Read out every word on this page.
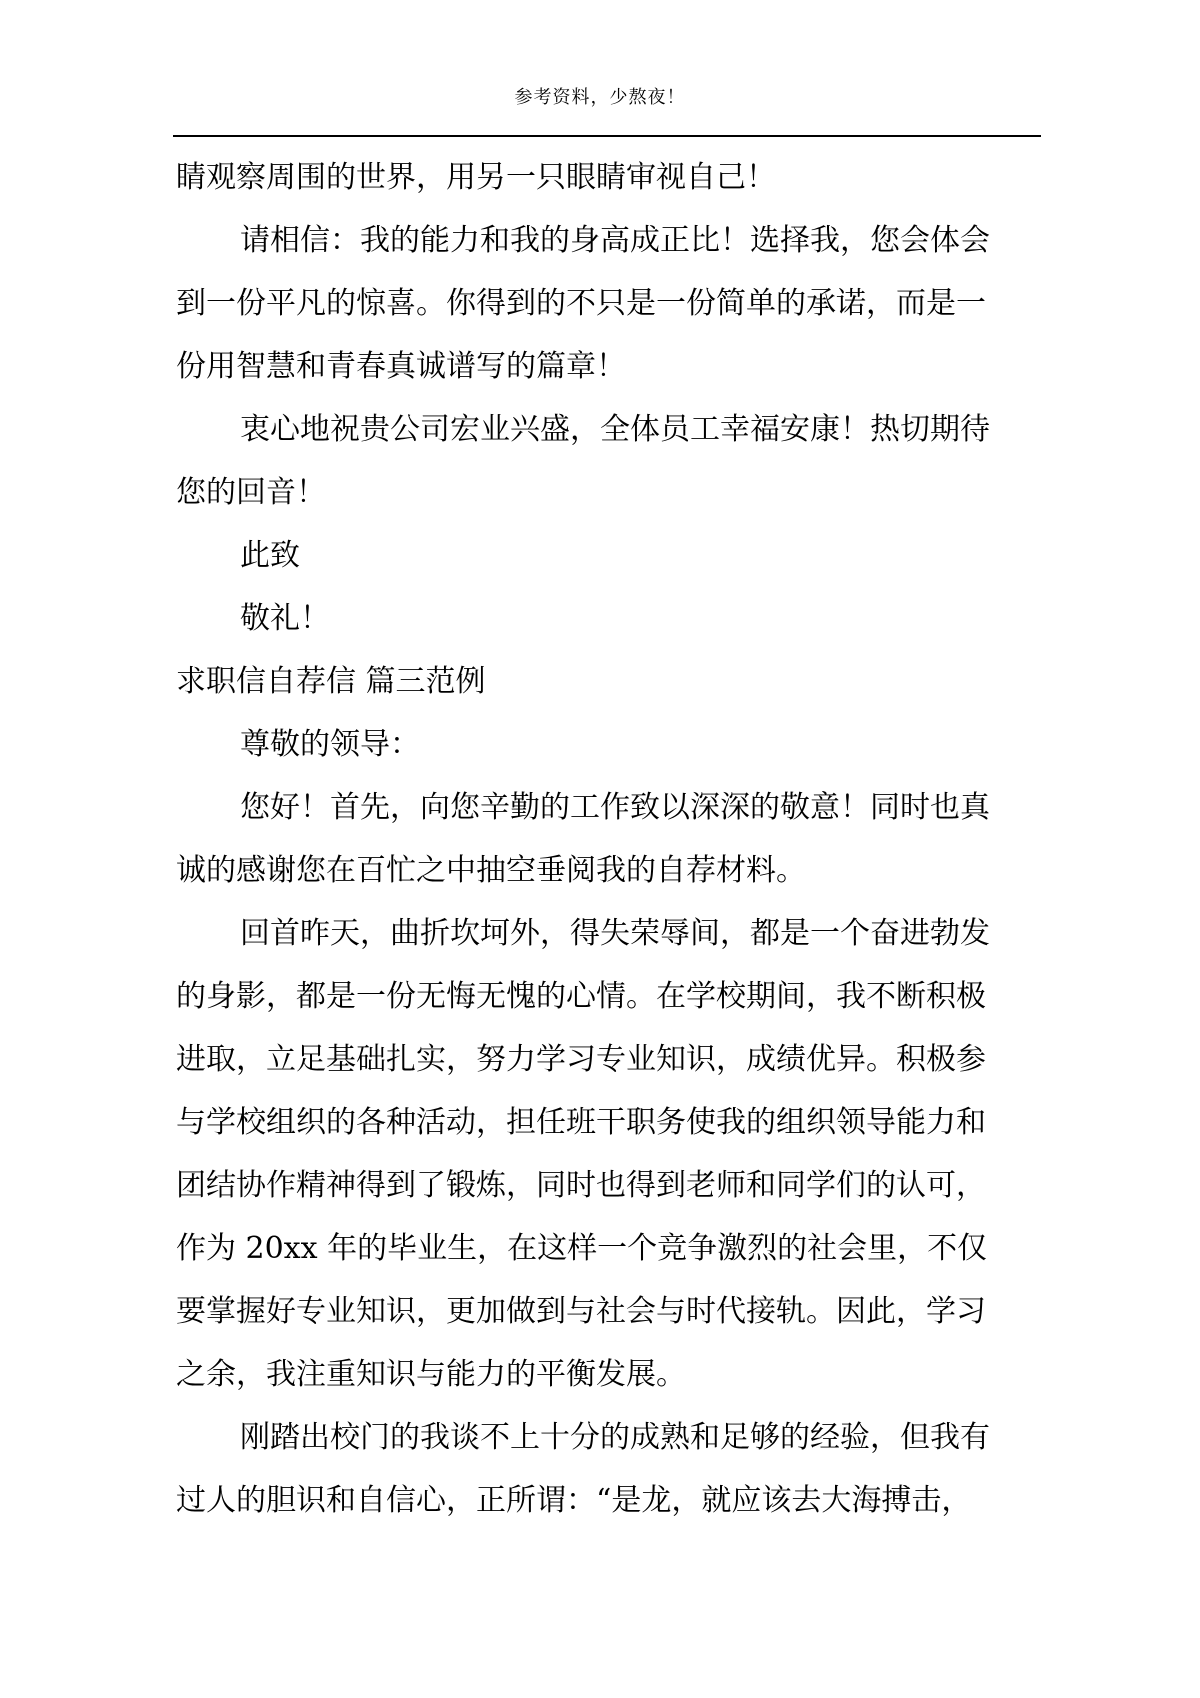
参考资料，少熬夜！
睛观察周围的世界，用另一只眼睛审视自己！
请相信：我的能力和我的身高成正比！选择我，您会体会
到一份平凡的惊喜。你得到的不只是一份简单的承诺，而是一
份用智慧和青春真诚谱写的篇章！
衷心地祝贵公司宏业兴盛，全体员工幸福安康！热切期待
您的回音！
此致
敬礼！
求职信自荐信 篇三范例
尊敬的领导：
您好！首先，向您辛勤的工作致以深深的敬意！同时也真
诚的感谢您在百忙之中抽空垂阅我的自荐材料。
回首昨天，曲折坎坷外，得失荣辱间，都是一个奋进勃发
的身影，都是一份无悔无愧的心情。在学校期间，我不断积极
进取，立足基础扎实，努力学习专业知识，成绩优异。积极参
与学校组织的各种活动，担任班干职务使我的组织领导能力和
团结协作精神得到了锻炼，同时也得到老师和同学们的认可，
作为 20xx 年的毕业生，在这样一个竞争激烈的社会里，不仅
要掌握好专业知识，更加做到与社会与时代接轨。因此，学习
之余，我注重知识与能力的平衡发展。
刚踏出校门的我谈不上十分的成熟和足够的经验，但我有
过人的胆识和自信心，正所谓：“是龙，就应该去大海搏击，
